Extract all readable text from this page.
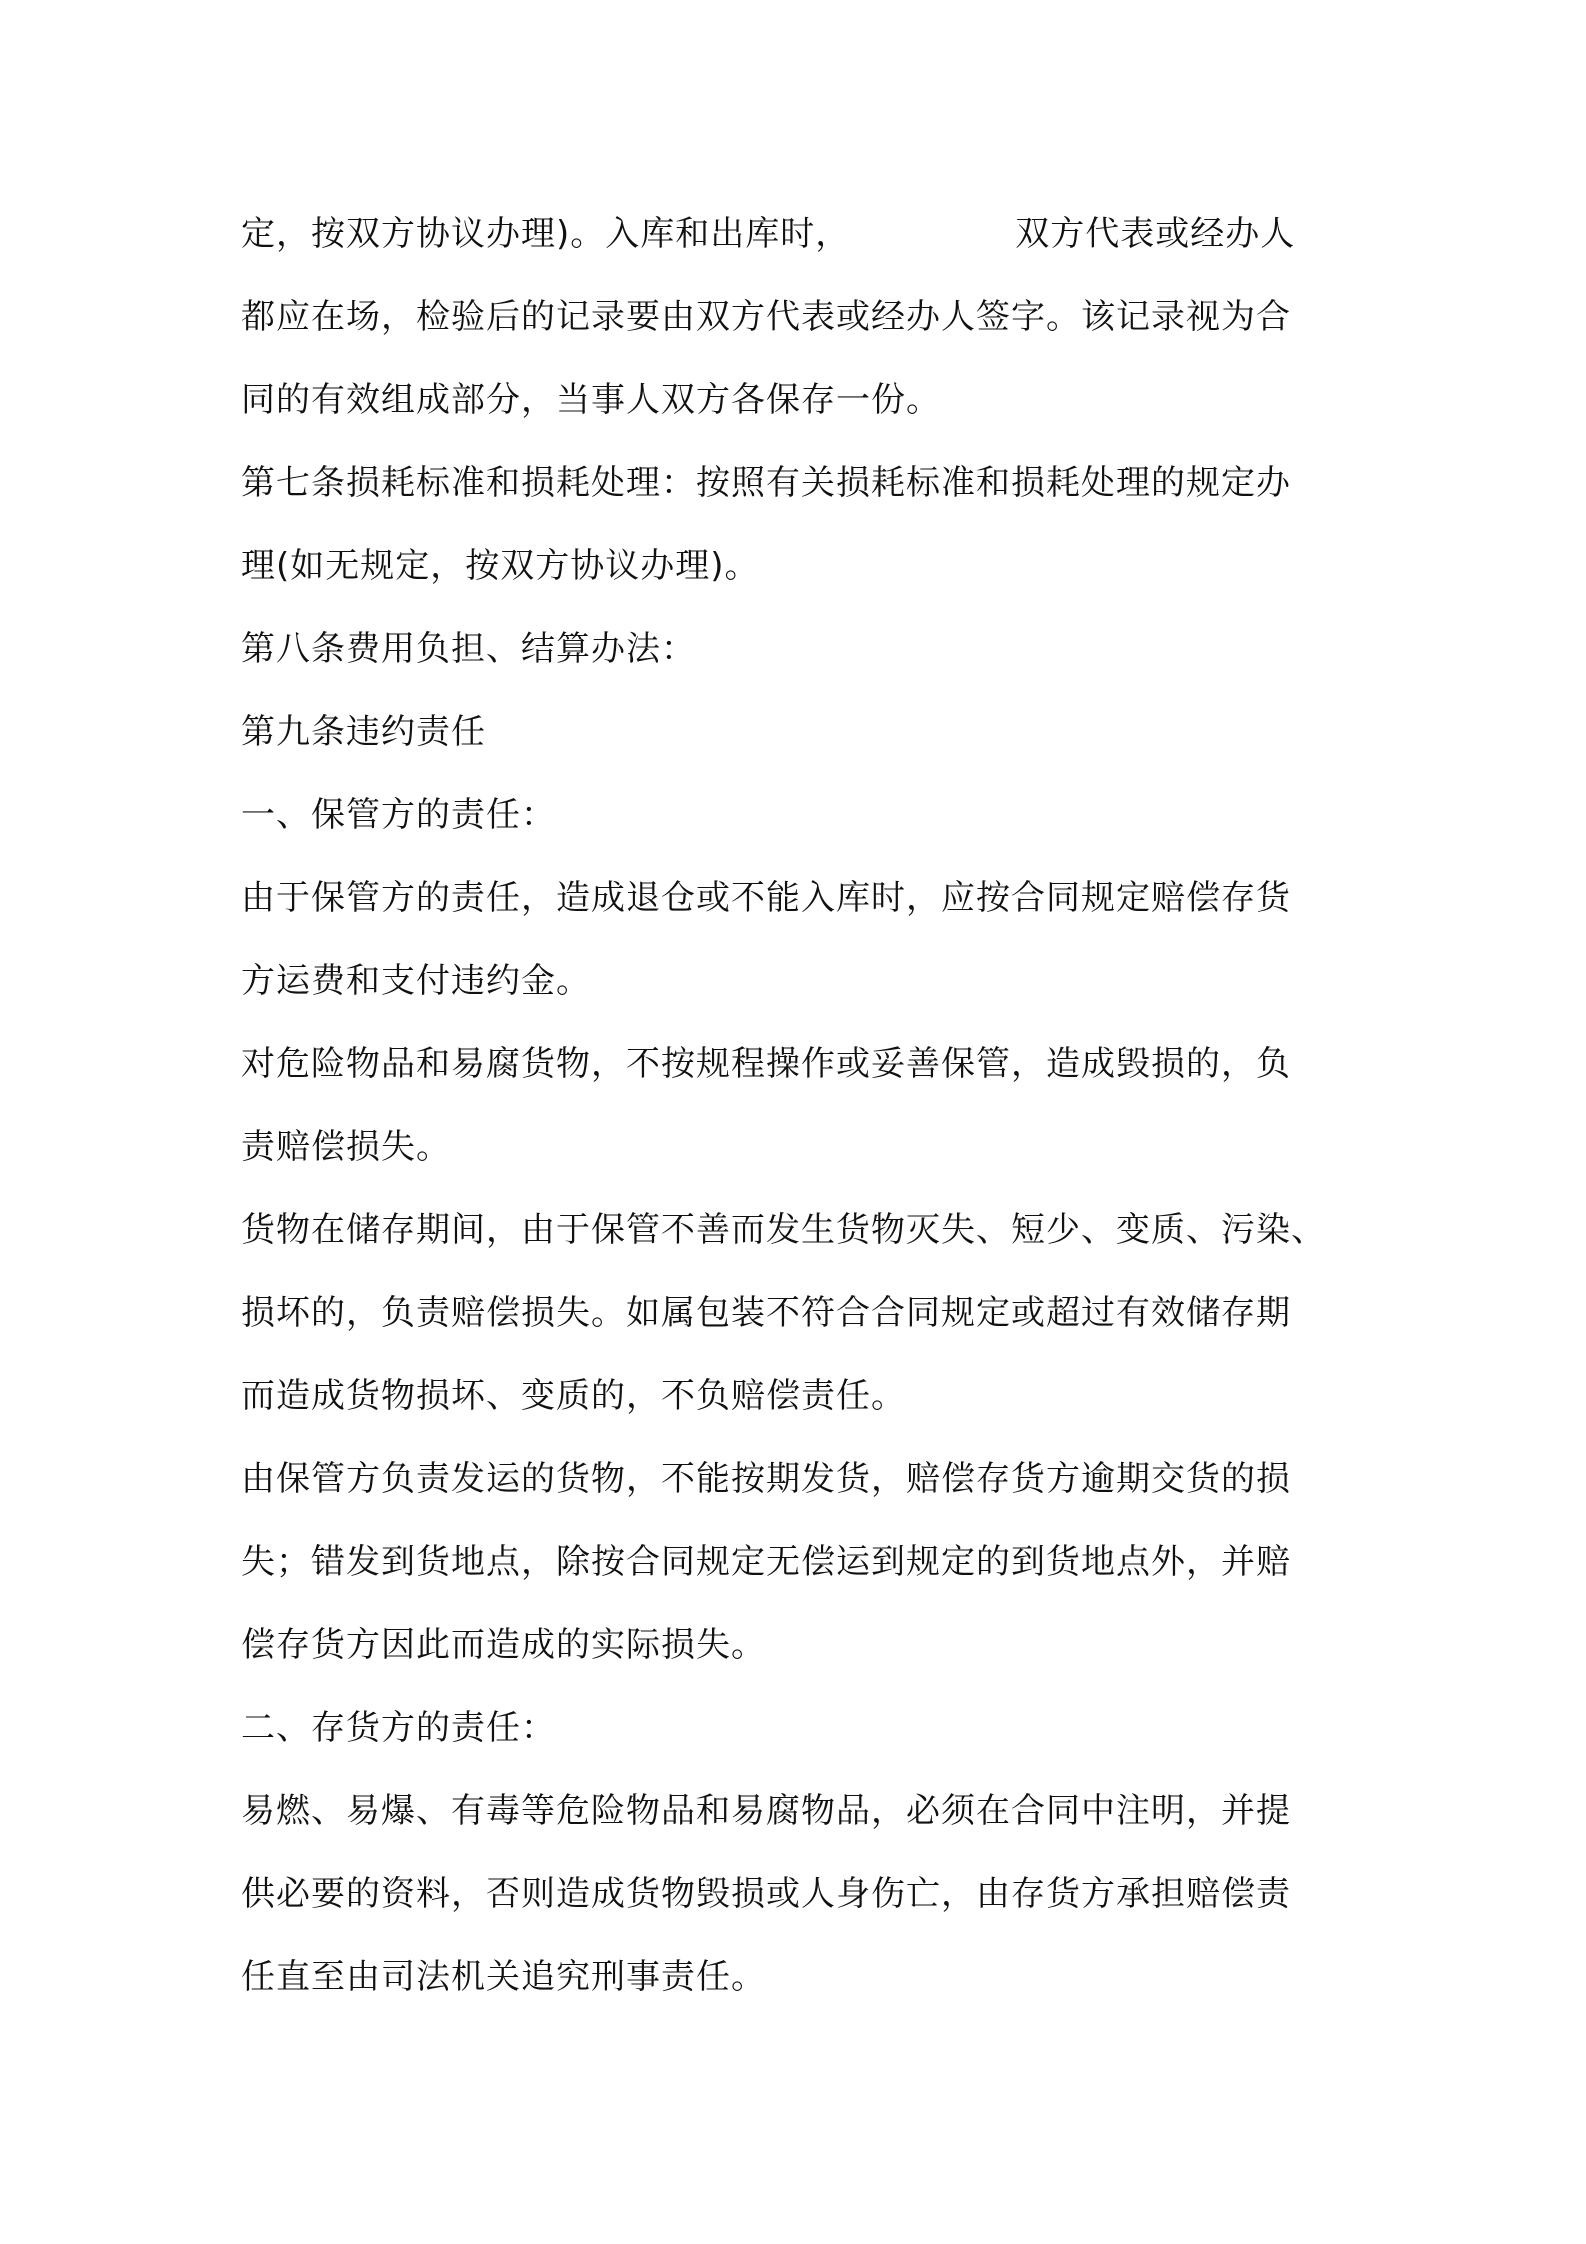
定，按双方协议办理)。入库和出库时，	双方代表或经办人
都应在场，检验后的记录要由双方代表或经办人签字。该记录视为合
同的有效组成部分，当事人双方各保存一份。
第七条损耗标准和损耗处理：按照有关损耗标准和损耗处理的规定办
理(如无规定，按双方协议办理)。
第八条费用负担、结算办法：
第九条违约责任
一、保管方的责任：
由于保管方的责任，造成退仓或不能入库时，应按合同规定赔偿存货
方运费和支付违约金。
对危险物品和易腐货物，不按规程操作或妥善保管，造成毁损的，负
责赔偿损失。
货物在储存期间，由于保管不善而发生货物灭失、短少、变质、污染、
损坏的，负责赔偿损失。如属包装不符合合同规定或超过有效储存期
而造成货物损坏、变质的，不负赔偿责任。
由保管方负责发运的货物，不能按期发货，赔偿存货方逾期交货的损
失；错发到货地点，除按合同规定无偿运到规定的到货地点外，并赔
偿存货方因此而造成的实际损失。
二、存货方的责任：
易燃、易爆、有毒等危险物品和易腐物品，必须在合同中注明，并提
供必要的资料，否则造成货物毁损或人身伤亡，由存货方承担赔偿责
任直至由司法机关追究刑事责任。
